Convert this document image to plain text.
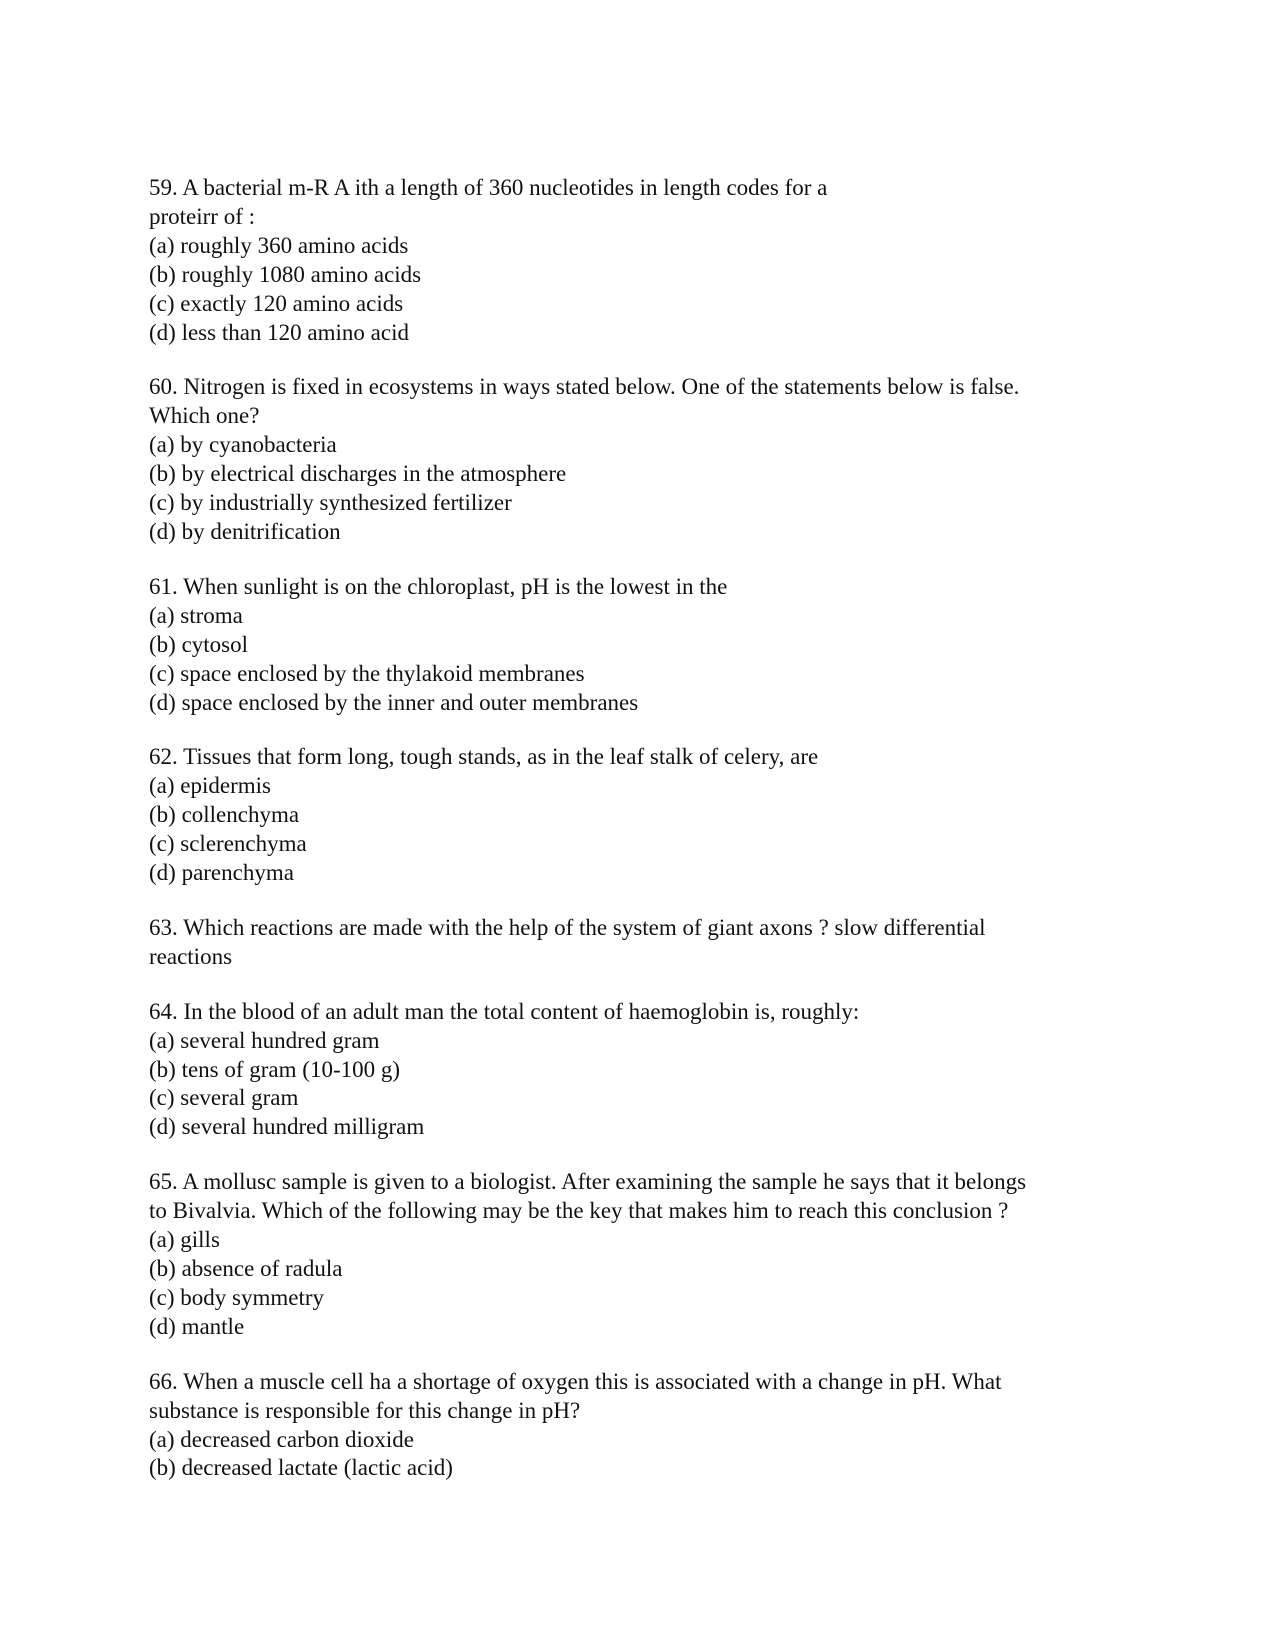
59. A bacterial m-R A ith a length of 360 nucleotides in length codes for a
proteirr of :
(a) roughly 360 amino acids
(b) roughly 1080 amino acids
(c) exactly 120 amino acids
(d) less than 120 amino acid
60. Nitrogen is fixed in ecosystems in ways stated below. One of the statements below is false.
Which one?
(a) by cyanobacteria
(b) by electrical discharges in the atmosphere
(c) by industrially synthesized fertilizer
(d) by denitrification
61. When sunlight is on the chloroplast, pH is the lowest in the
(a) stroma
(b) cytosol
(c) space enclosed by the thylakoid membranes
(d) space enclosed by the inner and outer membranes
62. Tissues that form long, tough stands, as in the leaf stalk of celery, are
(a) epidermis
(b) collenchyma
(c) sclerenchyma
(d) parenchyma
63. Which reactions are made with the help of the system of giant axons ? slow differential
reactions
64. In the blood of an adult man the total content of haemoglobin is, roughly:
(a) several hundred gram
(b) tens of gram (10-100 g)
(c) several gram
(d) several hundred milligram
65. A mollusc sample is given to a biologist. After examining the sample he says that it belongs
to Bivalvia. Which of the following may be the key that makes him to reach this conclusion ?
(a) gills
(b) absence of radula
(c) body symmetry
(d) mantle
66. When a muscle cell ha a shortage of oxygen this is associated with a change in pH. What
substance is responsible for this change in pH?
(a) decreased carbon dioxide
(b) decreased lactate (lactic acid)
